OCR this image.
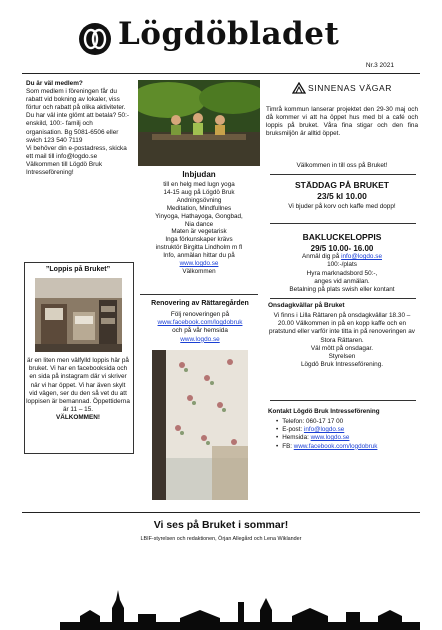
Lögdöbladet
Nr.3 2021

Du är väl medlem?

Som medlem i föreningen får du rabatt vid bokning av lokaler, viss förtur och rabatt på olika aktiviteter. Du har väl inte glömt att betala? 50:- enskild, 100:- familj och organisation. Bg 5081-6506 eller swich 123 540 7119

Vi behöver din e-postadress, skicka ett mail till info@logdo.se

Välkommen till Lögdö Bruk Intresseförening!

”Loppis på Bruket”

är en liten men välfylld loppis här på bruket. Vi har en facebooksida och en sida på instagram där vi skriver när vi har öppet. Vi har även skylt vid vägen, ser du den så vet du att loppisen är bemannad. Öppettiderna är 11 – 15.

VÄLKOMMEN!

Inbjudan

till en helg med lugn yoga

14-15 aug på Lögdö Bruk

Andningsövning

Meditation, Mindfullnes

Yinyoga, Hathayoga, Gongbad,

Nia dance

Maten är vegetarisk

Inga förkunskaper krävs

instruktör Birgitta Lindholm m fl

Info, anmälan hittar du på

www.logdo.se

Välkommen

Renovering av Rättaregården

Följ renoveringen på

www.facebook.com/logdobruk

och på vår hemsida

www.logdo.se

SINNENAS VÄGAR
Timrå kommun lanserar projektet den 29-30 maj och då kommer vi att ha öppet hus med bl a café och loppis på bruket. Våra fina stigar och den fina bruksmiljön är alltid öppet.
Välkommen in till oss på Bruket!
STÄDDAG PÅ BRUKET
23/5 kl 10.00
Vi bjuder på korv och kaffe med dopp!
BAKLUCKELOPPIS

29/5 10.00- 16.00

Anmäl dig på info@logdo.se

100:-/plats

Hyra marknadsbord 50:-,

anges vid anmälan.

Betalning på plats swish eller kontant

Onsdagkvällar på Bruket

Vi finns i Lilla Rättaren på onsdagkvällar 18.30 – 20.00 Välkommen in på en kopp kaffe och en pratstund eller varför inte titta in på renoveringen av Stora Rättaren.

Väl mött på onsdagar.

Styrelsen

Lögdö Bruk Intresseförening.

Kontakt Lögdö Bruk Intresseförening
• Telefon: 060-17 17 00
• E-post: info@logdo.se
• Hemsida: www.logdo.se
• FB: www.facebook.com/logdobruk
Vi ses på Bruket i sommar!
LBIF-styrelsen och redaktionen, Örjan Allegård och Lena Wiklander
